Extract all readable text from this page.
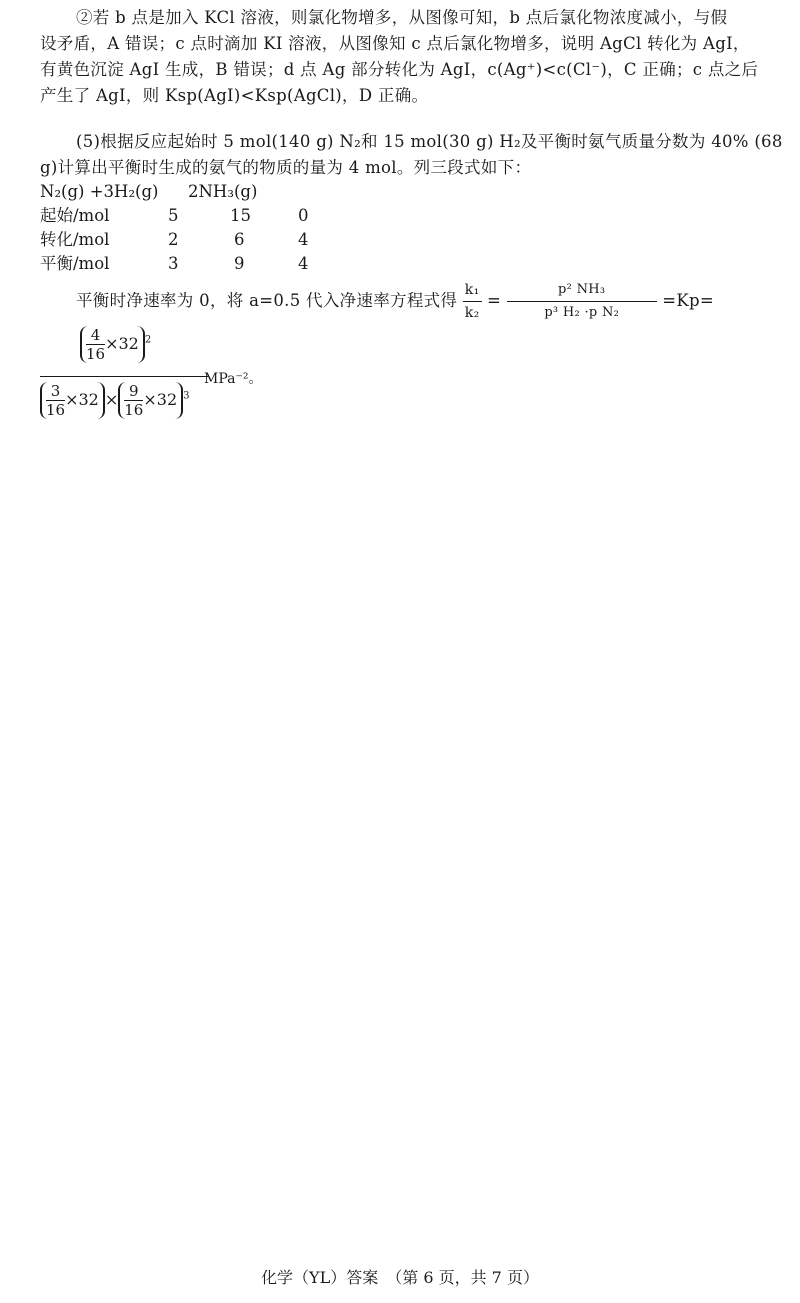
②若 b 点是加入 KCl 溶液，则氯化物增多，从图像可知，b 点后氯化物浓度减小，与假
设矛盾，A 错误；c 点时滴加 KI 溶液，从图像知 c 点后氯化物增多，说明 AgCl 转化为 AgI，
有黄色沉淀 AgI 生成，B 错误；d 点 Ag 部分转化为 AgI，c(Ag⁺)<c(Cl⁻)，C 正确；c 点之后
产生了 AgI，则 Ksp(AgI)<Ksp(AgCl)，D 正确。
(5)根据反应起始时 5 mol(140 g) N₂和 15 mol(30 g) H₂及平衡时氨气质量分数为 40% (68
g)计算出平衡时生成的氨气的物质的量为 4 mol。列三段式如下：
N₂(g) +3H₂(g) 2NH₃(g)
起始/mol	5	15	0
转化/mol	2	6	4
平衡/mol	3	9	4
平衡时净速率为 0，将 a=0.5 代入净速率方程式得 $\frac{\text{k₁}}{\text{k₂}} = \frac{\text{p² NH₃}}{\text{p³ H₂ ·p N₂}} =Kp=$
$\frac{4}{16} \times 32$ $^2$
$\frac{3}{16} \times 32 \times \frac{9}{16} \times 32$ $^3$
MPa⁻²。
化学（YL）答案　（第 6 页，共 7 页）
